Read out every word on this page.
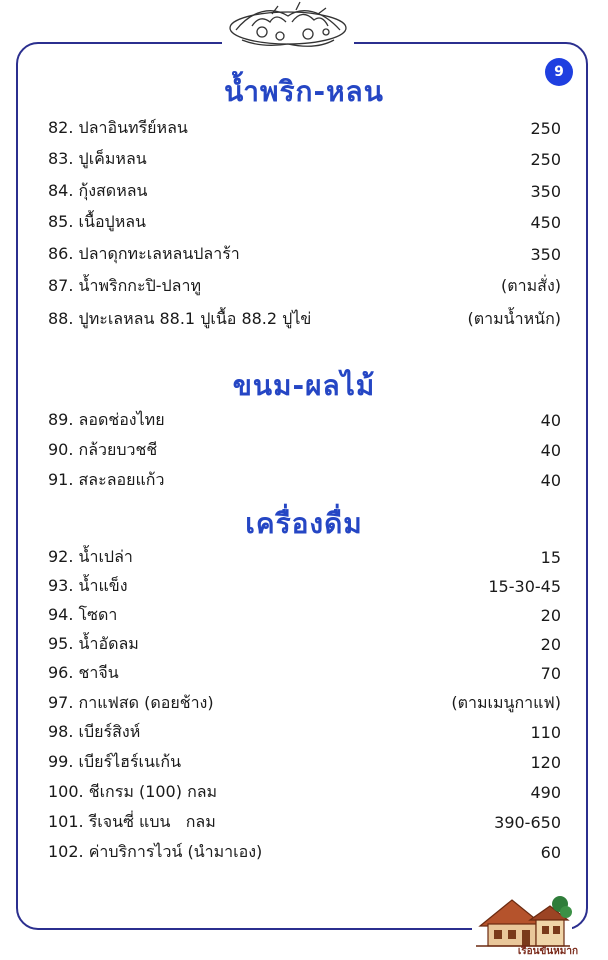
9
น้ำพริก-หลน
82. ปลาอินทรีย์หลน	250
83. ปูเค็มหลน	250
84. กุ้งสดหลน	350
85. เนื้อปูหลน	450
86. ปลาดุกทะเลหลนปลาร้า	350
87. น้ำพริกกะปิ-ปลาทู	(ตามสั่ง)
88. ปูทะเลหลน 88.1 ปูเนื้อ 88.2 ปูไข่	(ตามน้ำหนัก)
ขนม-ผลไม้
89. ลอดช่องไทย	40
90. กล้วยบวชชี	40
91. สละลอยแก้ว	40
เครื่องดื่ม
92. น้ำเปล่า	15
93. น้ำแข็ง	15-30-45
94. โซดา	20
95. น้ำอัดลม	20
96. ชาจีน	70
97. กาแฟสด (ดอยช้าง)	(ตามเมนูกาแฟ)
98. เบียร์สิงห์	110
99. เบียร์ไฮร์เนเก้น	120
100. ชีเกรม (100) กลม	490
101. รีเจนซี่ แบน   กลม	390-650
102. ค่าบริการไวน์ (นำมาเอง)	60
เรือนขันหมาก
